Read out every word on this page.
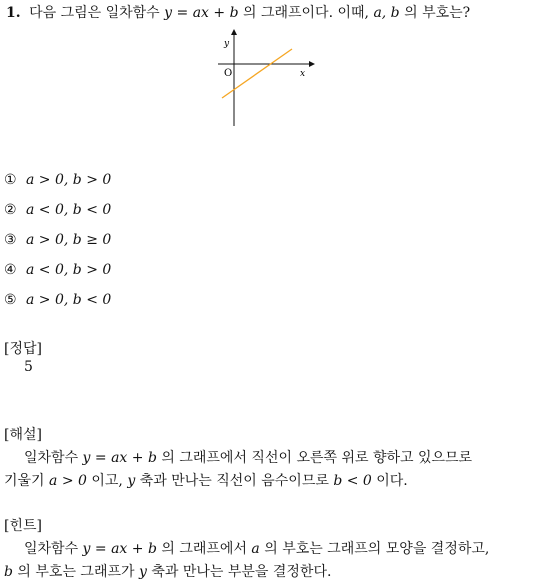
1. 다음 그림은 일차함수 y = ax + b 의 그래프이다. 이때, a, b 의 부호는?
y
x
O
① a > 0, b > 0
② a < 0, b < 0
③ a > 0, b ≥ 0
④ a < 0, b > 0
⑤ a > 0, b < 0
[정답]
5
[해설]
일차함수 y = ax + b 의 그래프에서 직선이 오른쪽 위로 향하고 있으므로
기울기 a > 0 이고, y 축과 만나는 직선이 음수이므로 b < 0 이다.
[힌트]
일차함수 y = ax + b 의 그래프에서 a 의 부호는 그래프의 모양을 결정하고,
b 의 부호는 그래프가 y 축과 만나는 부분을 결정한다.
